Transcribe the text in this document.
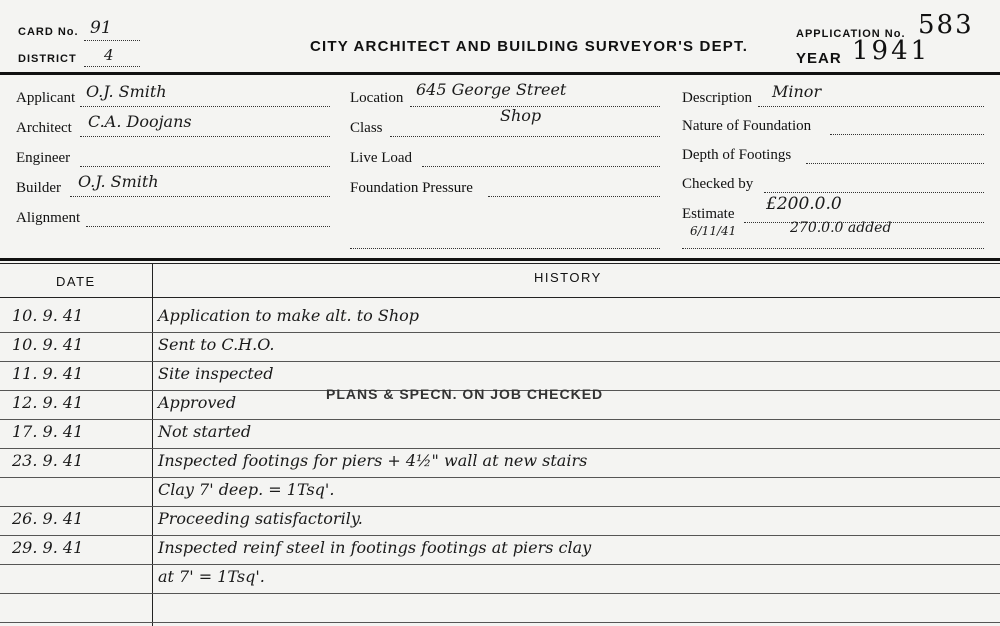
CARD No. 91
DISTRICT 4	CITY ARCHITECT AND BUILDING SURVEYOR'S DEPT.
APPLICATION No. 583
YEAR 1941
Applicant O.J. Smith
Architect C.A. Doojans
Engineer
Builder O.J. Smith
Alignment
Location 645 George Street
Class
Shop
Live Load
Foundation Pressure
Description Minor
Nature of Foundation
Depth of Footings
Checked by
Estimate £200.0.0
6/11/41	270.0.0 added
DATE	HISTORY
10. 9. 41	Application to make alt. to Shop
10. 9. 41	Sent to C.H.O.
11. 9. 41	Site inspected
12. 9. 41	Approved
17. 9. 41	Not started
23. 9. 41	Inspected footings for piers + 4½" wall at new stairs
Clay 7' deep. = 1Tsq'.
26. 9. 41	Proceeding satisfactorily.
29. 9. 41	Inspected reinf steel in footings footings at piers clay
at 7' = 1Tsq'.
PLANS & SPECN. ON JOB CHECKED
